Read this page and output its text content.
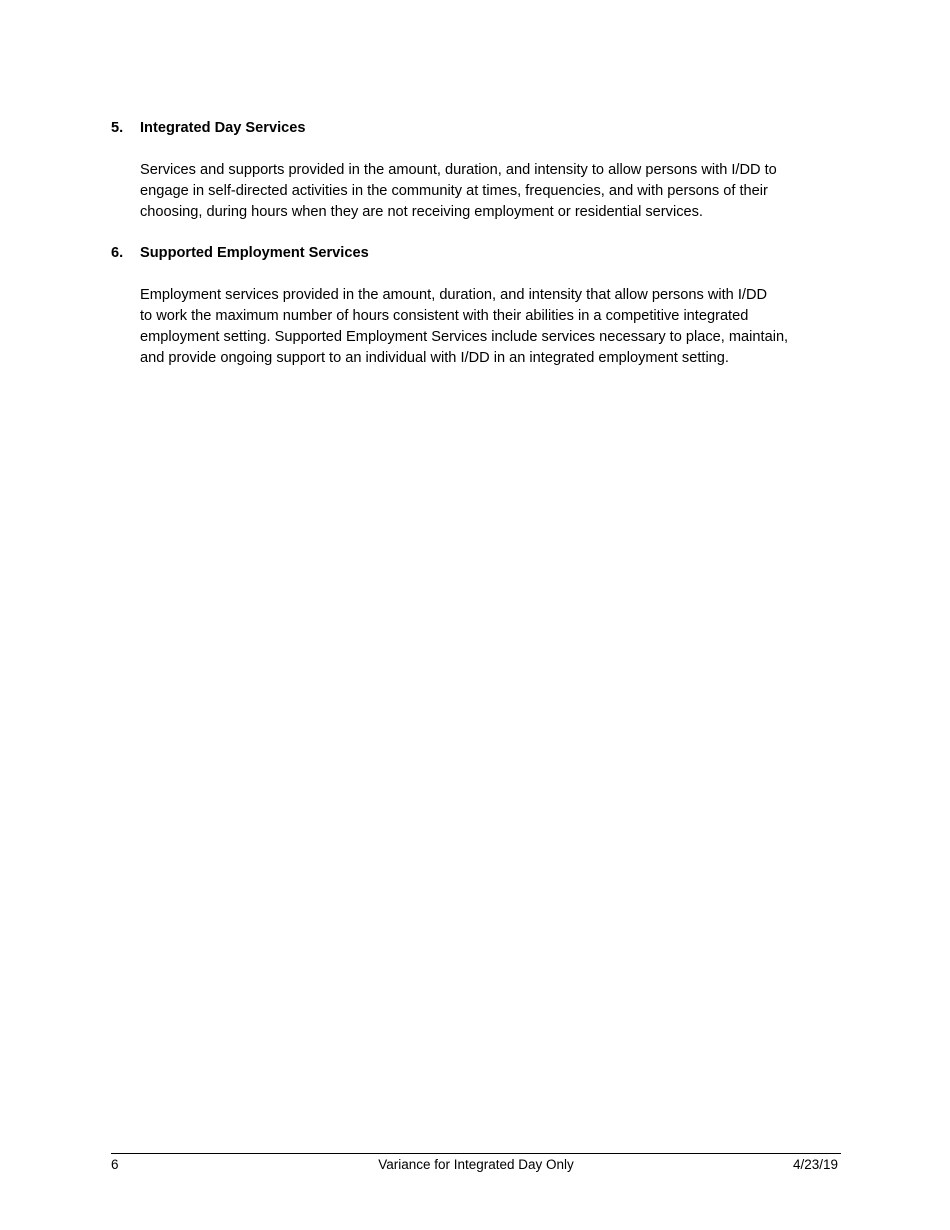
5. Integrated Day Services
Services and supports provided in the amount, duration, and intensity to allow persons with I/DD to
engage in self-directed activities in the community at times, frequencies, and with persons of their
choosing, during hours when they are not receiving employment or residential services.
6. Supported Employment Services
Employment services provided in the amount, duration, and intensity that allow persons with I/DD
to work the maximum number of hours consistent with their abilities in a competitive integrated
employment setting. Supported Employment Services include services necessary to place, maintain,
and provide ongoing support to an individual with I/DD in an integrated employment setting.
6	Variance for Integrated Day Only	4/23/19
